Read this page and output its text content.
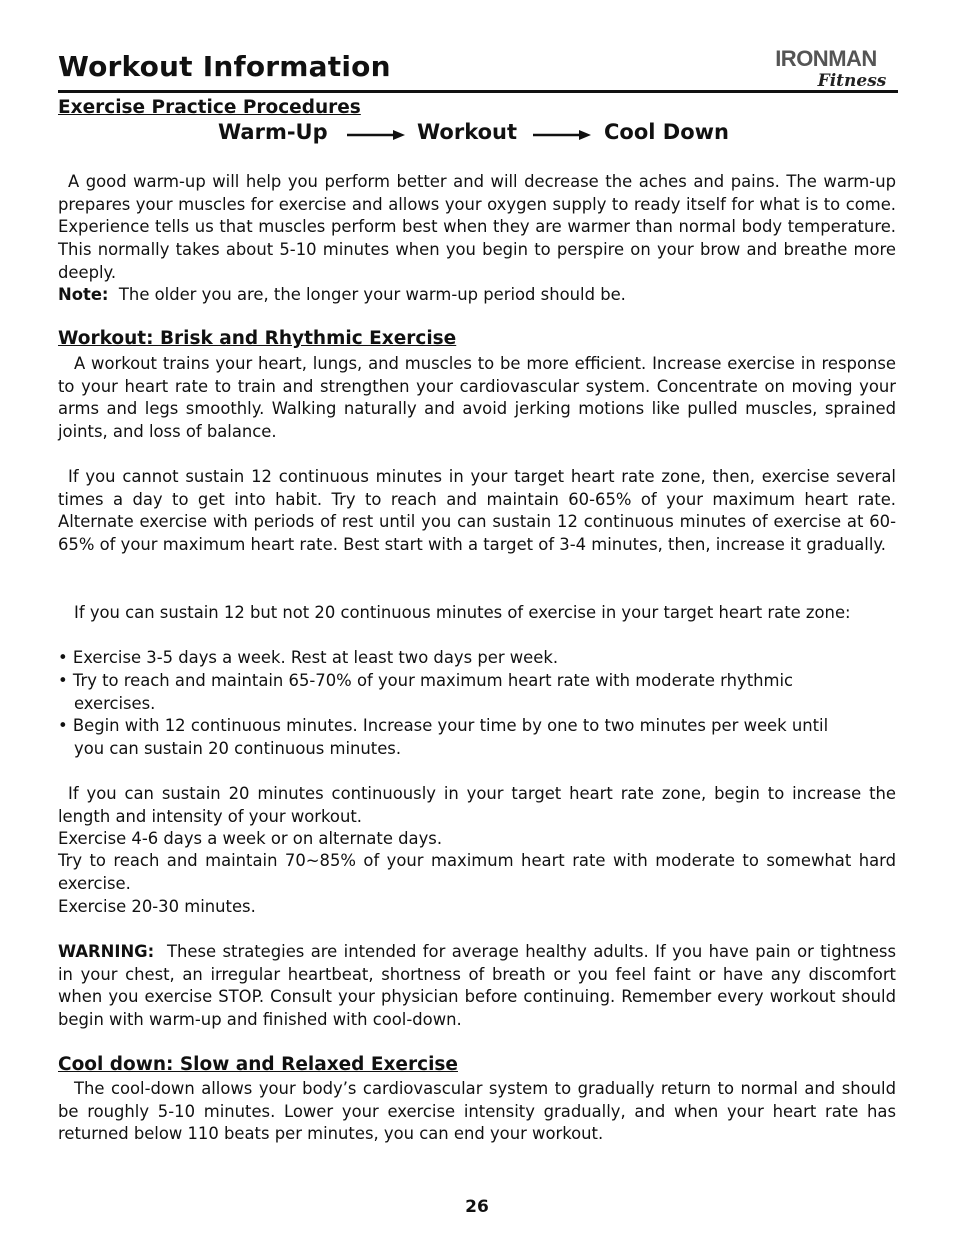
Workout Information	IRONMAN
Fitness
Exercise Practice Procedures
Warm-Up	Workout	Cool Down

A good warm-up will help you perform better and will decrease the aches and pains. The warm-up prepares your muscles for exercise and allows your oxygen supply to ready itself for what is to come. Experience tells us that muscles perform best when they are warmer than normal body temperature. This normally takes about 5-10 minutes when you begin to perspire on your brow and breathe more deeply.

Note: The older you are, the longer your warm-up period should be.

Workout: Brisk and Rhythmic Exercise

A workout trains your heart, lungs, and muscles to be more efficient. Increase exercise in response to your heart rate to train and strengthen your cardiovascular system. Concentrate on moving your arms and legs smoothly. Walking naturally and avoid jerking motions like pulled muscles, sprained joints, and loss of balance.

If you cannot sustain 12 continuous minutes in your target heart rate zone, then, exercise several times a day to get into habit. Try to reach and maintain 60-65% of your maximum heart rate. Alternate exercise with periods of rest until you can sustain 12 continuous minutes of exercise at 60-65% of your maximum heart rate. Best start with a target of 3-4 minutes, then, increase it gradually.

If you can sustain 12 but not 20 continuous minutes of exercise in your target heart rate zone:

• Exercise 3-5 days a week. Rest at least two days per week.
• Try to reach and maintain 65-70% of your maximum heart rate with moderate rhythmic
exercises.
• Begin with 12 continuous minutes. Increase your time by one to two minutes per week until
you can sustain 20 continuous minutes.

If you can sustain 20 minutes continuously in your target heart rate zone, begin to increase the length and intensity of your workout.

Exercise 4-6 days a week or on alternate days.

Try to reach and maintain 70~85% of your maximum heart rate with moderate to somewhat hard exercise.

Exercise 20-30 minutes.

WARNING: These strategies are intended for average healthy adults. If you have pain or tightness in your chest, an irregular heartbeat, shortness of breath or you feel faint or have any discomfort when you exercise STOP. Consult your physician before continuing. Remember every workout should begin with warm-up and finished with cool-down.

Cool down: Slow and Relaxed Exercise

The cool-down allows your body’s cardiovascular system to gradually return to normal and should be roughly 5-10 minutes. Lower your exercise intensity gradually, and when your heart rate has returned below 110 beats per minutes, you can end your workout.

26
